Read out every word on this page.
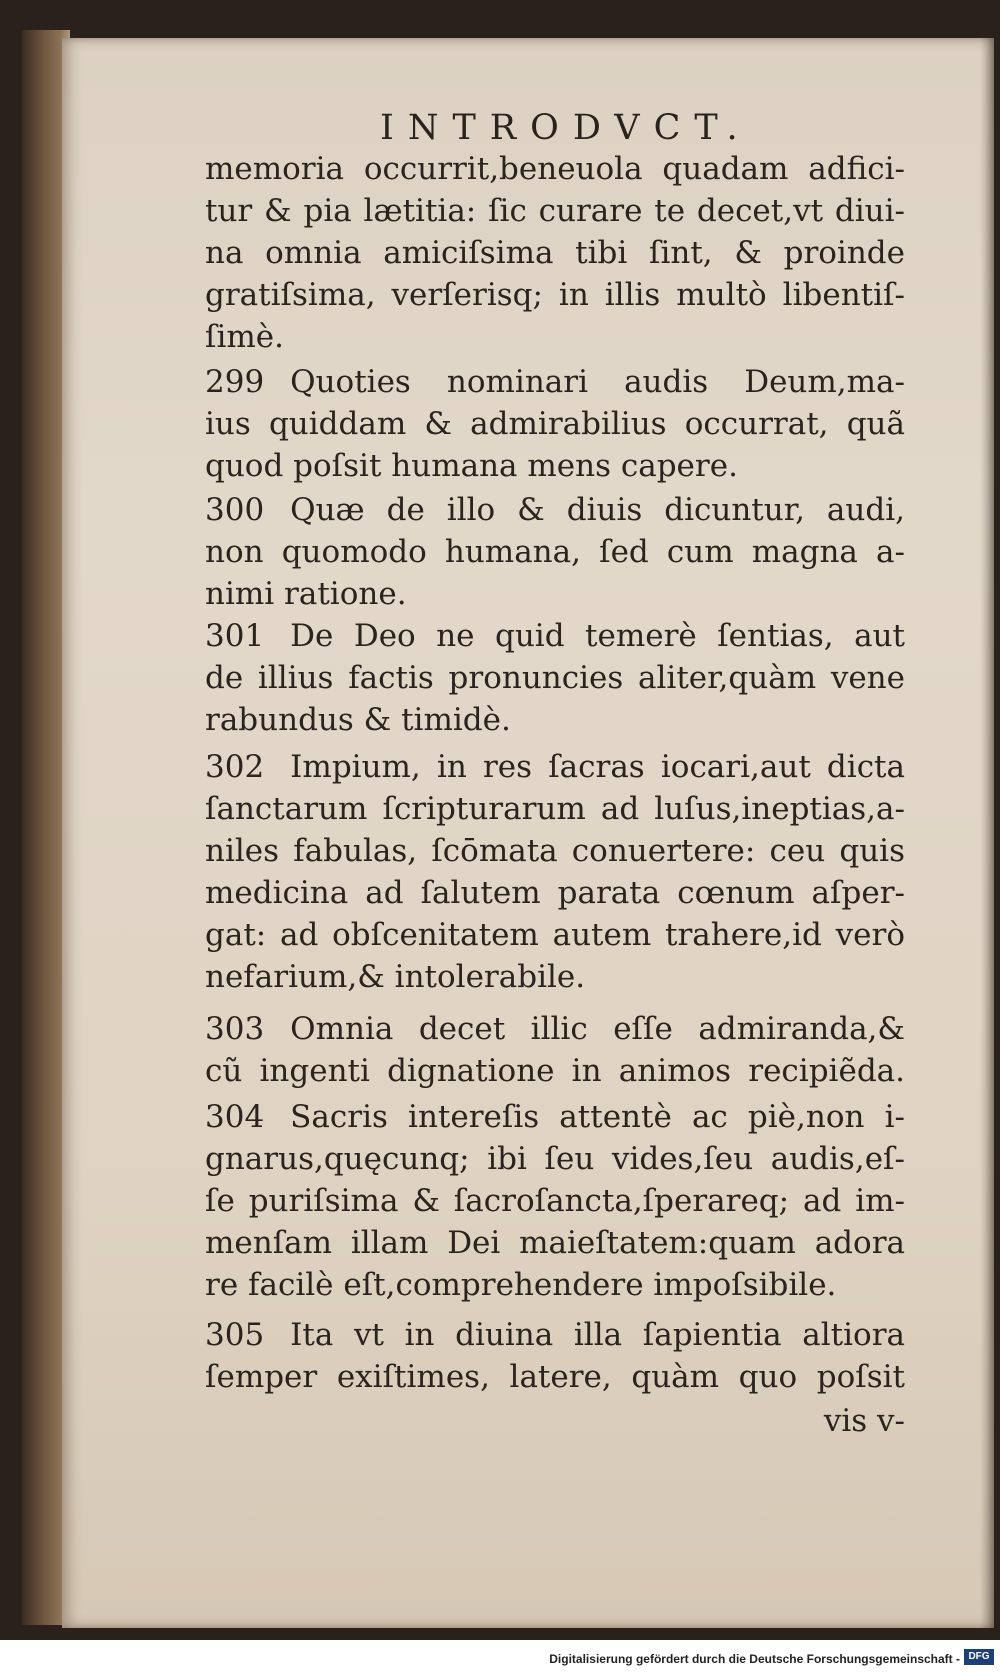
INTRODVCT.
memoria occurrit,beneuola quadam adfici-
tur & pia lætitia: ſic curare te decet,vt diui-
na omnia amiciſsima tibi ſint, & proinde
gratiſsima, verſerisq; in illis multò libentiſ-
ſimè.
299 Quoties nominari audis Deum,ma-
ius quiddam & admirabilius occurrat, quã
quod poſsit humana mens capere.
300 Quæ de illo & diuis dicuntur, audi,
non quomodo humana, ſed cum magna a-
nimi ratione.
301 De Deo ne quid temerè ſentias, aut
de illius factis pronuncies aliter,quàm vene
rabundus & timidè.
302 Impium, in res ſacras iocari,aut dicta
ſanctarum ſcripturarum ad luſus,ineptias,a-
niles fabulas, ſcōmata conuertere: ceu quis
medicina ad ſalutem parata cœnum aſper-
gat: ad obſcenitatem autem trahere,id verò
nefarium,& intolerabile.
303 Omnia decet illic eſſe admiranda,&
cũ ingenti dignatione in animos recipiẽda.
304 Sacris intereſis attentè ac piè,non i-
gnarus,quęcunq; ibi ſeu vides,ſeu audis,eſ-
ſe puriſsima & ſacroſancta,ſperareq; ad im-
menſam illam Dei maieſtatem:quam adora
re facilè eſt,comprehendere impoſsibile.
305 Ita vt in diuina illa ſapientia altiora
ſemper exiſtimes, latere, quàm quo poſsit
vis v-
Digitalisierung gefördert durch die Deutsche Forschungsgemeinschaft - DFG
